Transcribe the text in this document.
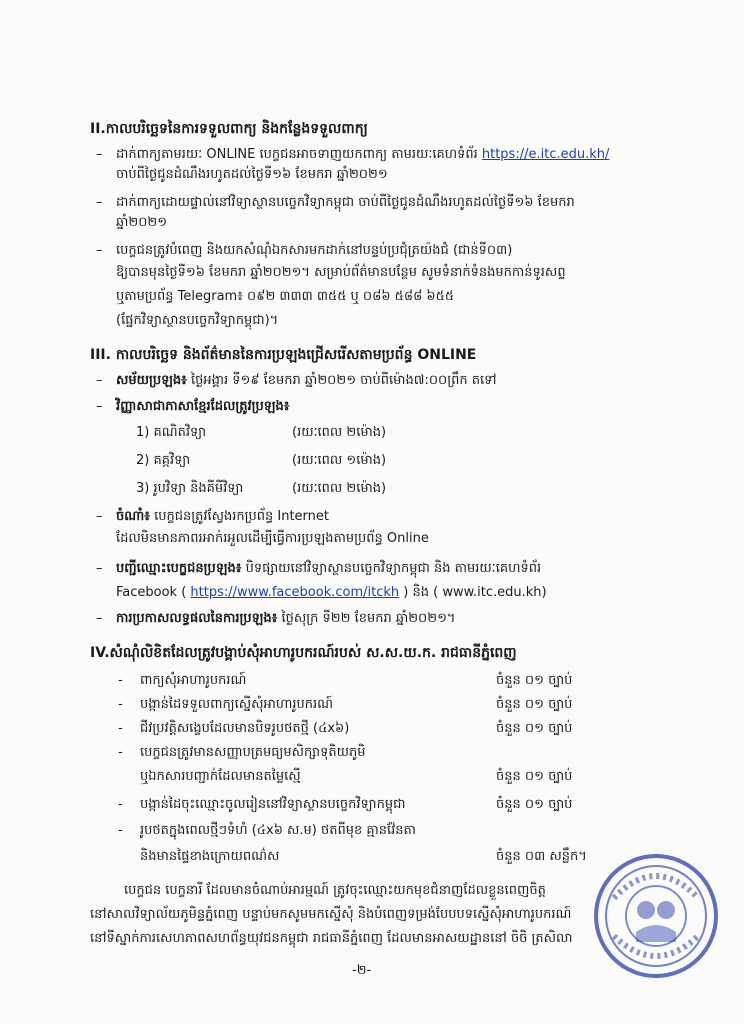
II.កាលបរិច្ឆេទនៃការទទួលពាក្យ និងកន្លែងទទួលពាក្យ
– ដាក់ពាក្យតាមរយៈ ONLINE បេក្ខជនអាចទាញយកពាក្យ តាមរយៈគេហទំព័រ https://e.itc.edu.kh/
ចាប់ពីថ្ងៃជូនដំណឹងរហូតដល់ថ្ងៃទី១៦ ខែមករា ឆ្នាំ២០២១
– ដាក់ពាក្យដោយផ្ទាល់នៅវិទ្យាស្ថានបច្ចេកវិទ្យាកម្ពុជា ចាប់ពីថ្ងៃជូនដំណឹងរហូតដល់ថ្ងៃទី១៦ ខែមករា
ឆ្នាំ២០២១
– បេក្ខជនត្រូវបំពេញ និងយកសំណុំឯកសារមកដាក់នៅបន្ទប់ប្រជុំត្រយ៉ងជំ (ជាន់ទី០៣)
ឱ្យបានមុនថ្ងៃទី១៦ ខែមករា ឆ្នាំ២០២១។ សម្រាប់ព័ត៌មានបន្ថែម សូមទំនាក់ទំនងមកកាន់ទូរសព្ទ
ឬតាមប្រព័ន្ធ Telegram៖ ០៩២ ៣៣៣ ៣៥៥ ឬ ០៨៦ ៥៨៨ ៦៥៥
(ផ្នែកវិទ្យាស្ថានបច្ចេកវិទ្យាកម្ពុជា)។
III. កាលបរិច្ឆេទ និងព័ត៌មាននៃការប្រឡងជ្រើសរើសតាមប្រព័ន្ធ ONLINE
– សម័យប្រឡង៖ ថ្ងៃអង្គារ ទី១៩ ខែមករា ឆ្នាំ២០២១ ចាប់ពីម៉ោង៧:០០ព្រឹក តទៅ
– វិញ្ញាសាជាភាសាខ្មែរដែលត្រូវប្រឡង៖
1) គណិតវិទ្យា	(រយៈពេល ២ម៉ោង)
2) គគ្កវិទ្យា	(រយៈពេល ១ម៉ោង)
3) រូបវិទ្យា និងគីមីវិទ្យា	(រយៈពេល ២ម៉ោង)
– ចំណាំ៖ បេក្ខជនត្រូវស្វែងរកប្រព័ន្ធ Internet
ដែលមិនមានភាពរអាក់រអួលដើម្បីធ្វើការប្រឡងតាមប្រព័ន្ធ Online
– បញ្ជីឈ្មោះបេក្ខជនប្រឡង៖ បិទផ្សាយនៅវិទ្យាស្ថានបច្ចេកវិទ្យាកម្ពុជា និង តាមរយៈគេហទំព័រ
Facebook ( https://www.facebook.com/itckh ) និង ( www.itc.edu.kh)
– ការប្រកាសលទ្ធផលនៃការប្រឡង៖ ថ្ងៃសុក្រ ទី២២ ខែមករា ឆ្នាំ២០២១។
IV.សំណុំលិខិតដែលត្រូវបង្គាប់សុំអាហារូបករណ៍របស់ ស.ស.យ.ក. រាជធានីភ្នំពេញ
- ពាក្យសុំអាហារូបករណ៍	ចំនួន ០១ ច្បាប់
- បង្កាន់ដៃទទួលពាក្យស្នើសុំអាហារូបករណ៍	ចំនួន ០១ ច្បាប់
- ជីវប្រវត្តិសង្ខេបដែលមានបិទរូបថតថ្មី (៤x៦)	ចំនួន ០១ ច្បាប់
- បេក្ខជនត្រូវមានសញ្ញាបត្រមធ្យមសិក្សាទុតិយភូមិ
ឬឯកសារបញ្ជាក់ដែលមានតម្លៃស្មើ	ចំនួន ០១ ច្បាប់
- បង្កាន់ដៃចុះឈ្មោះចូលរៀននៅវិទ្យាស្ថានបច្ចេកវិទ្យាកម្ពុជា	ចំនួន ០១ ច្បាប់
- រូបថតក្នុងពេលថ្មីៗទំហំ (៤x៦ ស.ម) ថតពីមុខ គ្មានវ៉ែនតា
និងមានផ្ទៃខាងក្រោយពណ៌ស	ចំនួន ០៣ សន្លឹក។
បេក្ខជន បេក្ខនារី ដែលមានចំណាប់អារម្មណ៍ ត្រូវចុះឈ្មោះយកមុខជំនាញដែលខ្លួនពេញចិត្ត
នៅសាលវិទ្យាល័យភូមិន្ទភ្នំពេញ បន្ទាប់មកសូមមកស្នើសុំ និងបំពេញទម្រង់បែបបទស្នើសុំអាហារូបករណ៍
នៅទីស្នាក់ការសេហភាពសហព័ន្ធយុវជនកម្ពុជា រាជធានីភ្នំពេញ ដែលមានអាសយដ្ឋាននៅ ចិចិ ត្រសិលា
-២-
